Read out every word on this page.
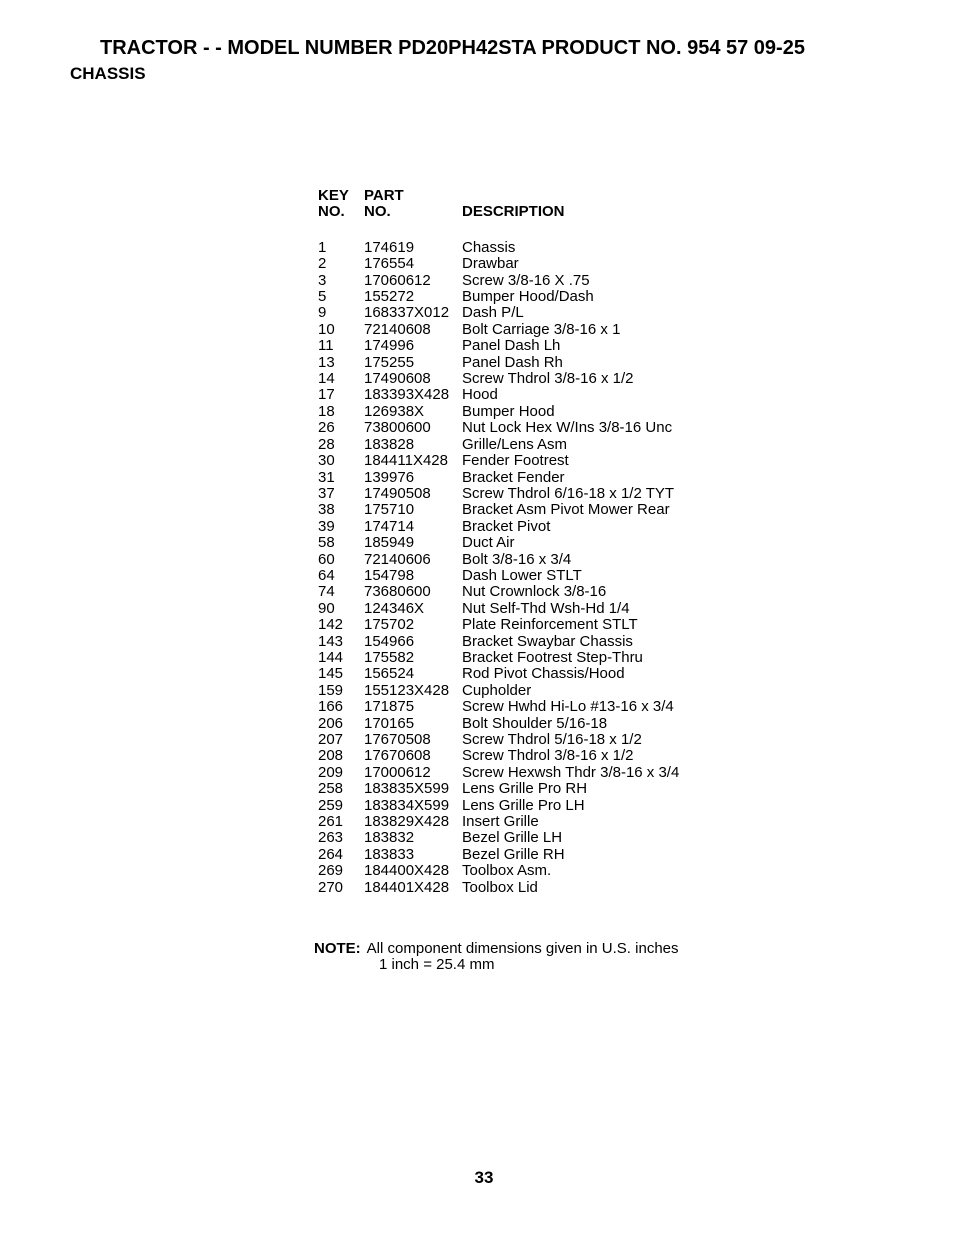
TRACTOR - - MODEL NUMBER PD20PH42STA PRODUCT NO. 954 57 09-25
CHASSIS
KEY	PART
NO.	NO.	DESCRIPTION
1	174619	Chassis
2	176554	Drawbar
3	17060612	Screw 3/8-16 X .75
5	155272	Bumper Hood/Dash
9	168337X012 Dash P/L
10	72140608	Bolt Carriage 3/8-16 x 1
11	174996	Panel Dash Lh
13	175255	Panel Dash Rh
14	17490608	Screw Thdrol 3/8-16 x 1/2
17	183393X428 Hood
18	126938X	Bumper Hood
26	73800600	Nut Lock Hex W/Ins 3/8-16 Unc
28	183828	Grille/Lens Asm
30	184411X428 Fender Footrest
31	139976	Bracket Fender
37	17490508	Screw Thdrol 6/16-18 x 1/2 TYT
38	175710	Bracket Asm Pivot Mower Rear
39	174714	Bracket Pivot
58	185949	Duct Air
60	72140606	Bolt 3/8-16 x 3/4
64	154798	Dash Lower STLT
74	73680600	Nut Crownlock 3/8-16
90	124346X	Nut Self-Thd Wsh-Hd 1/4
142	175702	Plate Reinforcement STLT
143	154966	Bracket Swaybar Chassis
144	175582	Bracket Footrest Step-Thru
145	156524	Rod Pivot Chassis/Hood
159	155123X428 Cupholder
166	171875	Screw Hwhd Hi-Lo #13-16 x 3/4
206	170165	Bolt Shoulder 5/16-18
207	17670508	Screw Thdrol 5/16-18 x 1/2
208	17670608	Screw Thdrol 3/8-16 x 1/2
209	17000612	Screw Hexwsh Thdr 3/8-16 x 3/4
258	183835X599 Lens Grille Pro RH
259	183834X599 Lens Grille Pro LH
261	183829X428 Insert Grille
263	183832	Bezel Grille LH
264	183833	Bezel Grille RH
269	184400X428 Toolbox Asm.
270	184401X428 Toolbox Lid
NOTE: All component dimensions given in U.S. inches
1 inch = 25.4 mm
33
